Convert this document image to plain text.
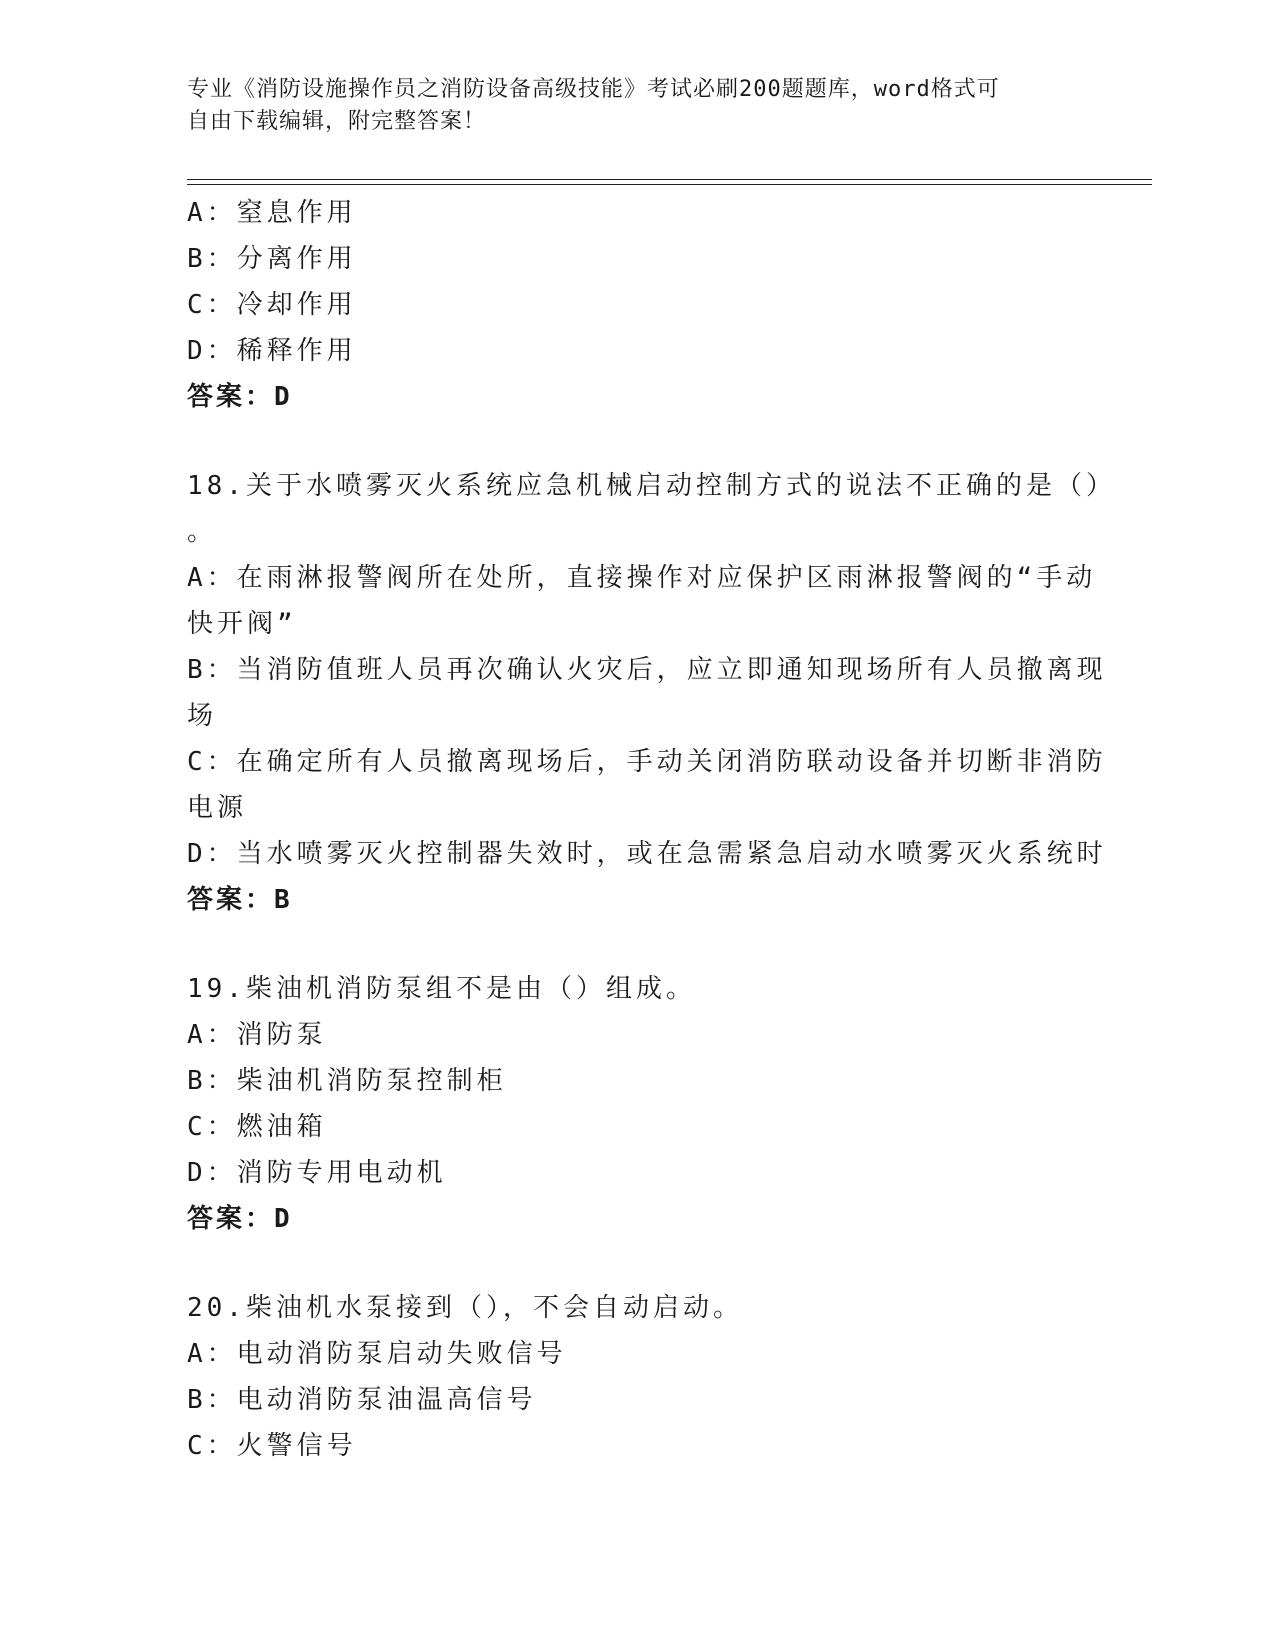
专业《消防设施操作员之消防设备高级技能》考试必刷200题题库，word格式可
自由下载编辑，附完整答案！
A：窒息作用
B：分离作用
C：冷却作用
D：稀释作用
答案：D
18.关于水喷雾灭火系统应急机械启动控制方式的说法不正确的是（）
。
A：在雨淋报警阀所在处所，直接操作对应保护区雨淋报警阀的“手动
快开阀”
B：当消防值班人员再次确认火灾后，应立即通知现场所有人员撤离现
场
C：在确定所有人员撤离现场后，手动关闭消防联动设备并切断非消防
电源
D：当水喷雾灭火控制器失效时，或在急需紧急启动水喷雾灭火系统时
答案：B
19.柴油机消防泵组不是由（）组成。
A：消防泵
B：柴油机消防泵控制柜
C：燃油箱
D：消防专用电动机
答案：D
20.柴油机水泵接到（），不会自动启动。
A：电动消防泵启动失败信号
B：电动消防泵油温高信号
C：火警信号
